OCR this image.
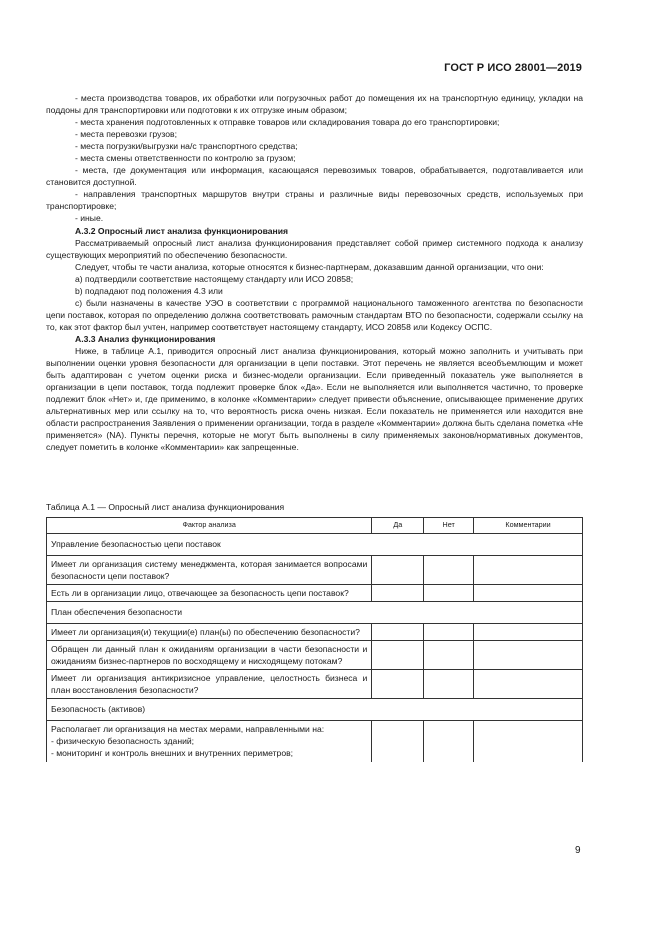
ГОСТ Р ИСО 28001—2019

- места производства товаров, их обработки или погрузочных работ до помещения их на транспортную единицу, укладки на поддоны для транспортировки или подготовки к их отгрузке иным образом;

- места хранения подготовленных к отправке товаров или складирования товара до его транспортировки;

- места перевозки грузов;

- места погрузки/выгрузки на/с транспортного средства;

- места смены ответственности по контролю за грузом;

- места, где документация или информация, касающаяся перевозимых товаров, обрабатывается, подготавливается или становится доступной.

- направления транспортных маршрутов внутри страны и различные виды перевозочных средств, используемых при транспортировке;

- иные.

А.3.2 Опросный лист анализа функционирования

Рассматриваемый опросный лист анализа функционирования представляет собой пример системного подхода к анализу существующих мероприятий по обеспечению безопасности.

Следует, чтобы те части анализа, которые относятся к бизнес-партнерам, доказавшим данной организации, что они:

a) подтвердили соответствие настоящему стандарту или ИСО 20858;

b) подпадают под положения 4.3 или

c) были назначены в качестве УЭО в соответствии с программой национального таможенного агентства по безопасности цепи поставок, которая по определению должна соответствовать рамочным стандартам ВТО по безопасности, содержали ссылку на то, как этот фактор был учтен, например соответствует настоящему стандарту, ИСО 20858 или Кодексу ОСПС.

А.3.3 Анализ функционирования

Ниже, в таблице А.1, приводится опросный лист анализа функционирования, который можно заполнить и учитывать при выполнении оценки уровня безопасности для организации в цепи поставки. Этот перечень не является всеобъемлющим и может быть адаптирован с учетом оценки риска и бизнес-модели организации. Если приведенный показатель уже выполняется в организации в цепи поставок, тогда подлежит проверке блок «Да». Если не выполняется или выполняется частично, то проверке подлежит блок «Нет» и, где применимо, в колонке «Комментарии» следует привести объяснение, описывающее применение других альтернативных мер или ссылку на то, что вероятность риска очень низкая. Если показатель не применяется или находится вне области распространения Заявления о применении организации, тогда в разделе «Комментарии» должна быть сделана пометка «Не применяется» (NA). Пункты перечня, которые не могут быть выполнены в силу применяемых законов/нормативных документов, следует пометить в колонке «Комментарии» как запрещенные.

Таблица А.1 — Опросный лист анализа функционирования
Фактор анализа	Да	Нет	Комментарии
Управление безопасностью цепи поставок			
Имеет ли организация систему менеджмента, которая занимается вопросами безопасности цепи поставок?			
Есть ли в организации лицо, отвечающее за безопасность цепи поставок?			
План обеспечения безопасности			
Имеет ли организация(и) текущии(е) план(ы) по обеспечению безопасности?			
Обращен ли данный план к ожиданиям организации в части безопасности и ожиданиям бизнес-партнеров по восходящему и нисходящему потокам?			
Имеет ли организация антикризисное управление, целостность бизнеса и план восстановления безопасности?			
Безопасность (активов)			

Располагает ли организация на местах мерами, направленными на:
- физическую безопасность зданий;
- мониторинг и контроль внешних и внутренних периметров;			

9
